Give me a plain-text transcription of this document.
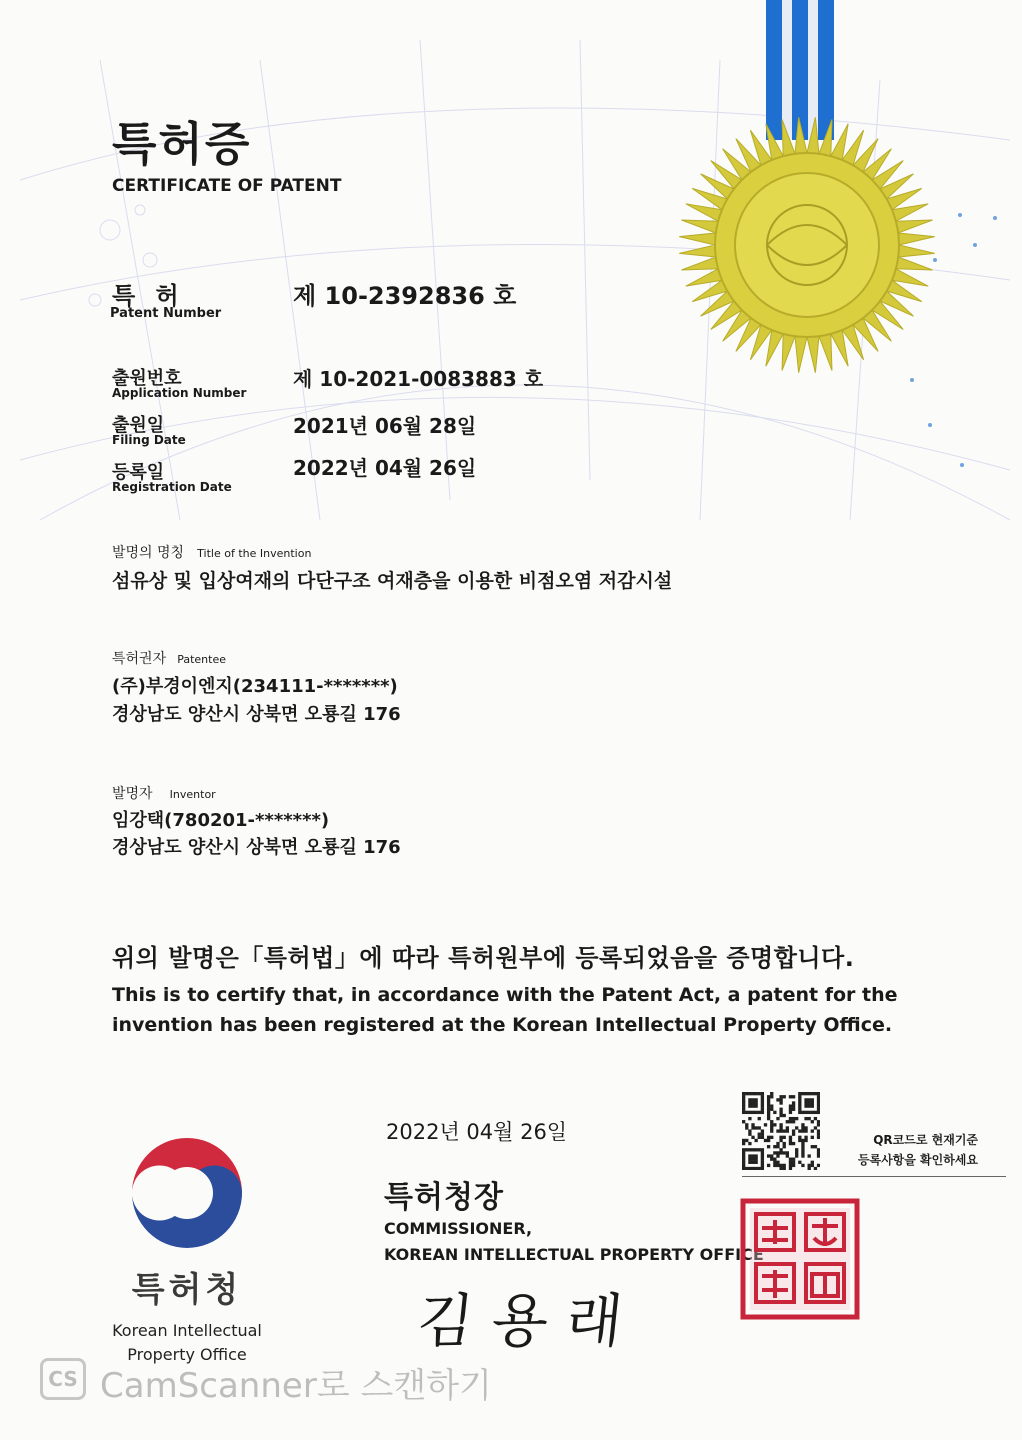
특허증
CERTIFICATE OF PATENT
특 허
Patent Number
제 10-2392836 호
출원번호
Application Number
제 10-2021-0083883 호
출원일
Filing Date
2021년 06월 28일
등록일
Registration Date
2022년 04월 26일
발명의 명칭 Title of the Invention
섬유상 및 입상여재의 다단구조 여재층을 이용한 비점오염 저감시설
특허권자 Patentee
(주)부경이엔지(234111-*******)
경상남도 양산시 상북면 오룡길 176
발명자 Inventor
임강택(780201-*******)
경상남도 양산시 상북면 오룡길 176
위의 발명은「특허법」에 따라 특허원부에 등록되었음을 증명합니다.
This is to certify that, in accordance with the Patent Act, a patent for the
invention has been registered at the Korean Intellectual Property Office.
2022년 04월 26일	QR코드로 현재기준
등록사항을 확인하세요
특허청장
COMMISSIONER,
KOREAN INTELLECTUAL PROPERTY OFFICE
김 용 래
특허청
Korean Intellectual
Property Office
CS CamScanner로 스캔하기
